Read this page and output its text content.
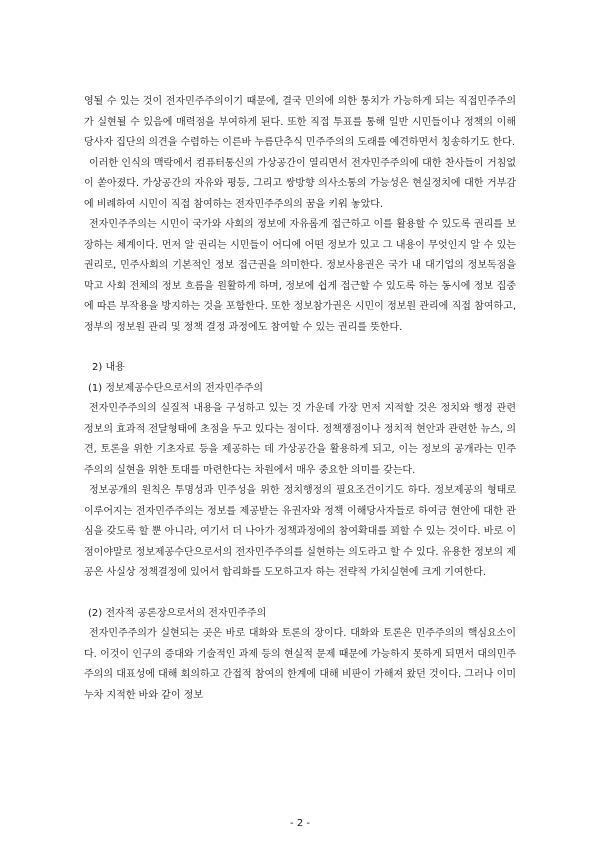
영될 수 있는 것이 전자민주주의이기 때문에, 결국 민의에 의한 통치가 가능하게 되는 직접민주주의가 실현될 수 있음에 매력점을 부여하게 된다. 또한 직접 투표를 통해 일반 시민들이나 정책의 이해당사자 집단의 의견을 수렴하는 이른바 누름단추식 민주주의의 도래를 예견하면서 칭송하기도 한다.

이러한 인식의 맥락에서 컴퓨터통신의 가상공간이 열리면서 전자민주주의에 대한 찬사들이 거침없이 쏟아졌다. 가상공간의 자유와 평등, 그리고 쌍방향 의사소통의 가능성은 현실정치에 대한 거부감에 비례하여 시민이 직접 참여하는 전자민주주의의 꿈을 키워 놓았다.

전자민주주의는 시민이 국가와 사회의 정보에 자유롭게 접근하고 이를 활용할 수 있도록 권리를 보장하는 체계이다. 먼저 알 권리는 시민들이 어디에 어떤 정보가 있고 그 내용이 무엇인지 알 수 있는 권리로, 민주사회의 기본적인 정보 접근권을 의미한다. 정보사용권은 국가 내 대기업의 정보독점을 막고 사회 전체의 정보 흐름을 원활하게 하며, 정보에 쉽게 접근할 수 있도록 하는 동시에 정보 집중에 따른 부작용을 방지하는 것을 포함한다. 또한 정보참가권은 시민이 정보원 관리에 직접 참여하고, 정부의 정보원 관리 및 정책 결정 과정에도 참여할 수 있는 권리를 뜻한다.

2) 내용

(1) 정보제공수단으로서의 전자민주주의

전자민주주의의 실질적 내용을 구성하고 있는 것 가운데 가장 먼저 지적할 것은 정치와 행정 관련정보의 효과적 전달형태에 초점을 두고 있다는 점이다. 정책쟁점이나 정치적 현안과 관련한 뉴스, 의견, 토론을 위한 기초자료 등을 제공하는 데 가상공간을 활용하게 되고, 이는 정보의 공개라는 민주주의의 실현을 위한 토대를 마련한다는 차원에서 매우 중요한 의미를 갖는다.

정보공개의 원칙은 투명성과 민주성을 위한 정치행정의 필요조건이기도 하다. 정보제공의 형태로 이루어지는 전자민주주의는 정보를 제공받는 유권자와 정책 이해당사자들로 하여금 현안에 대한 관심을 갖도록 할 뿐 아니라, 여기서 더 나아가 정책과정에의 참여확대를 꾀할 수 있는 것이다. 바로 이 점이야말로 정보제공수단으로서의 전자민주주의를 실현하는 의도라고 할 수 있다. 유용한 정보의 제공은 사실상 정책결정에 있어서 합리화를 도모하고자 하는 전략적 가치실현에 크게 기여한다.

(2) 전자적 공론장으로서의 전자민주주의

전자민주주의가 실현되는 곳은 바로 대화와 토론의 장이다. 대화와 토론은 민주주의의 핵심요소이다. 이것이 인구의 증대와 기술적인 과제 등의 현실적 문제 때문에 가능하지 못하게 되면서 대의민주주의의 대표성에 대해 회의하고 간접적 참여의 한계에 대해 비판이 가해져 왔던 것이다. 그러나 이미 누차 지적한 바와 같이 정보

- 2 -
